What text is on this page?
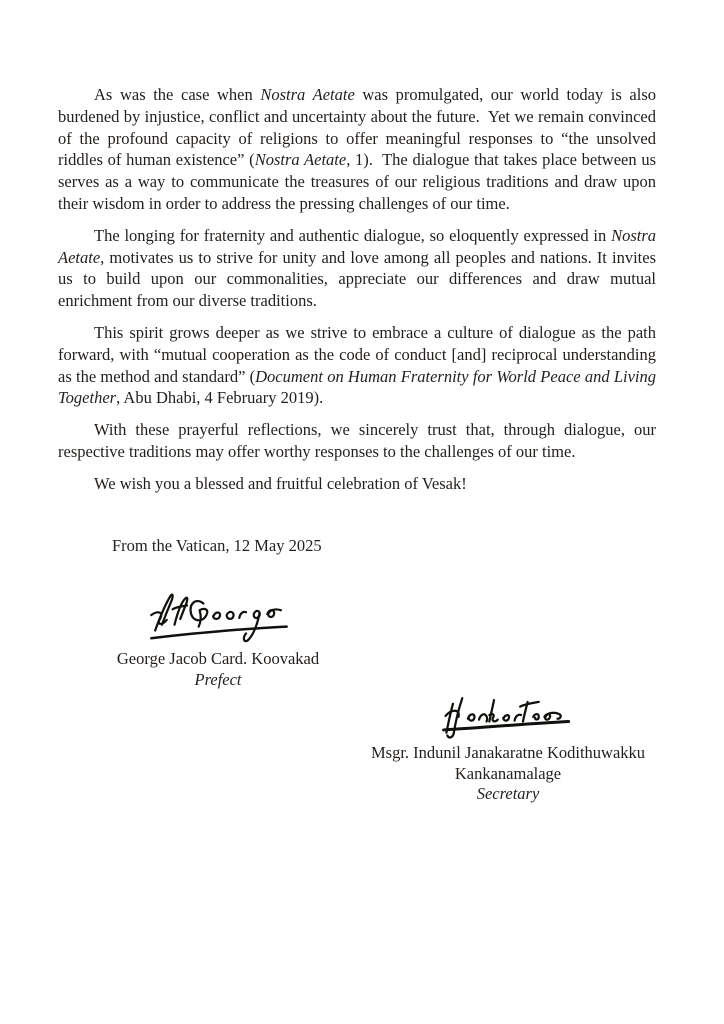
As was the case when Nostra Aetate was promulgated, our world today is also burdened by injustice, conflict and uncertainty about the future.  Yet we remain convinced of the profound capacity of religions to offer meaningful responses to “the unsolved riddles of human existence” (Nostra Aetate, 1).  The dialogue that takes place between us serves as a way to communicate the treasures of our religious traditions and draw upon their wisdom in order to address the pressing challenges of our time.

The longing for fraternity and authentic dialogue, so eloquently expressed in Nostra Aetate, motivates us to strive for unity and love among all peoples and nations. It invites us to build upon our commonalities, appreciate our differences and draw mutual enrichment from our diverse traditions.

This spirit grows deeper as we strive to embrace a culture of dialogue as the path forward, with “mutual cooperation as the code of conduct [and] reciprocal understanding as the method and standard” (Document on Human Fraternity for World Peace and Living Together, Abu Dhabi, 4 February 2019).

With these prayerful reflections, we sincerely trust that, through dialogue, our respective traditions may offer worthy responses to the challenges of our time.

We wish you a blessed and fruitful celebration of Vesak!

From the Vatican, 12 May 2025
George Jacob Card. Koovakad
Prefect
Msgr. Indunil Janakaratne Kodithuwakku
Kankanamalage
Secretary
